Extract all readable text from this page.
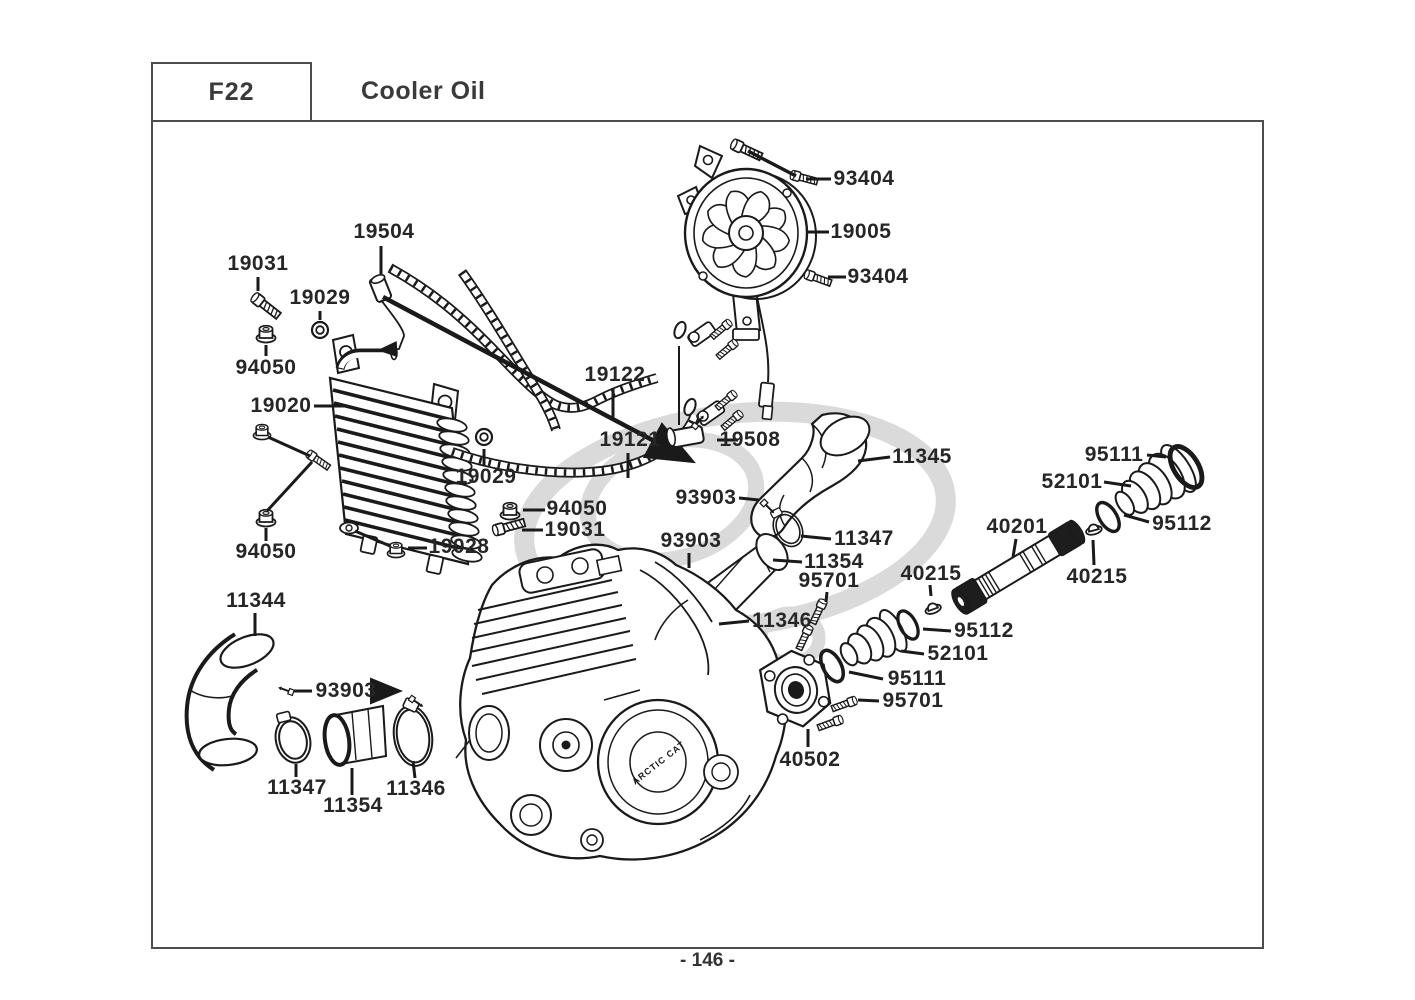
F22	Cooler Oil
ARCTIC CAT
93404
19005
93404
19504
19031
19029
94050
19020
19122
19121
19029
19508
11345
93903
94050
19031	93903	11347
11354
95701 40215
40201
19028
94050
11344
11346	95112
52101
95111
95701
93903
40502
11347
11354
11346
95111
52101
95112
40215
- 146 -
